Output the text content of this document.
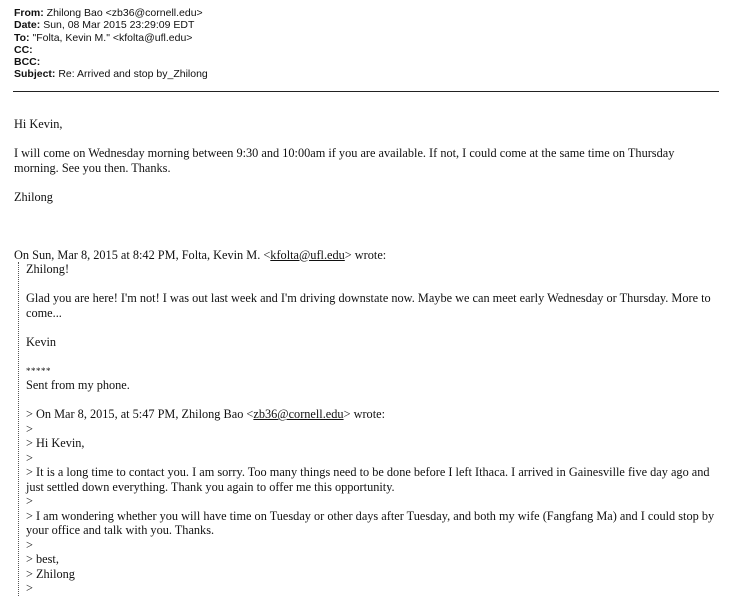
From: Zhilong Bao <zb36@cornell.edu>
Date: Sun, 08 Mar 2015 23:29:09 EDT
To: "Folta, Kevin M." <kfolta@ufl.edu>
CC:
BCC:
Subject: Re: Arrived and stop by_Zhilong

Hi Kevin,

I will come on Wednesday morning between 9:30 and 10:00am if you are available. If not, I could come at the same time on Thursday morning. See you then. Thanks.

Zhilong

On Sun, Mar 8, 2015 at 8:42 PM, Folta, Kevin M. <kfolta@ufl.edu> wrote:

Zhilong!
Glad you are here! I'm not! I was out last week and I'm driving downstate now. Maybe we can meet early Wednesday or Thursday. More to come...
Kevin
*****
Sent from my phone.
> On Mar 8, 2015, at 5:47 PM, Zhilong Bao <zb36@cornell.edu> wrote:
>
> Hi Kevin,
>
> It is a long time to contact you. I am sorry. Too many things need to be done before I left Ithaca. I arrived in Gainesville five day ago and just settled down everything. Thank you again to offer me this opportunity.
>
> I am wondering whether you will have time on Tuesday or other days after Tuesday, and both my wife (Fangfang Ma) and I could stop by your office and talk with you. Thanks.
>
> best,
> Zhilong
>
